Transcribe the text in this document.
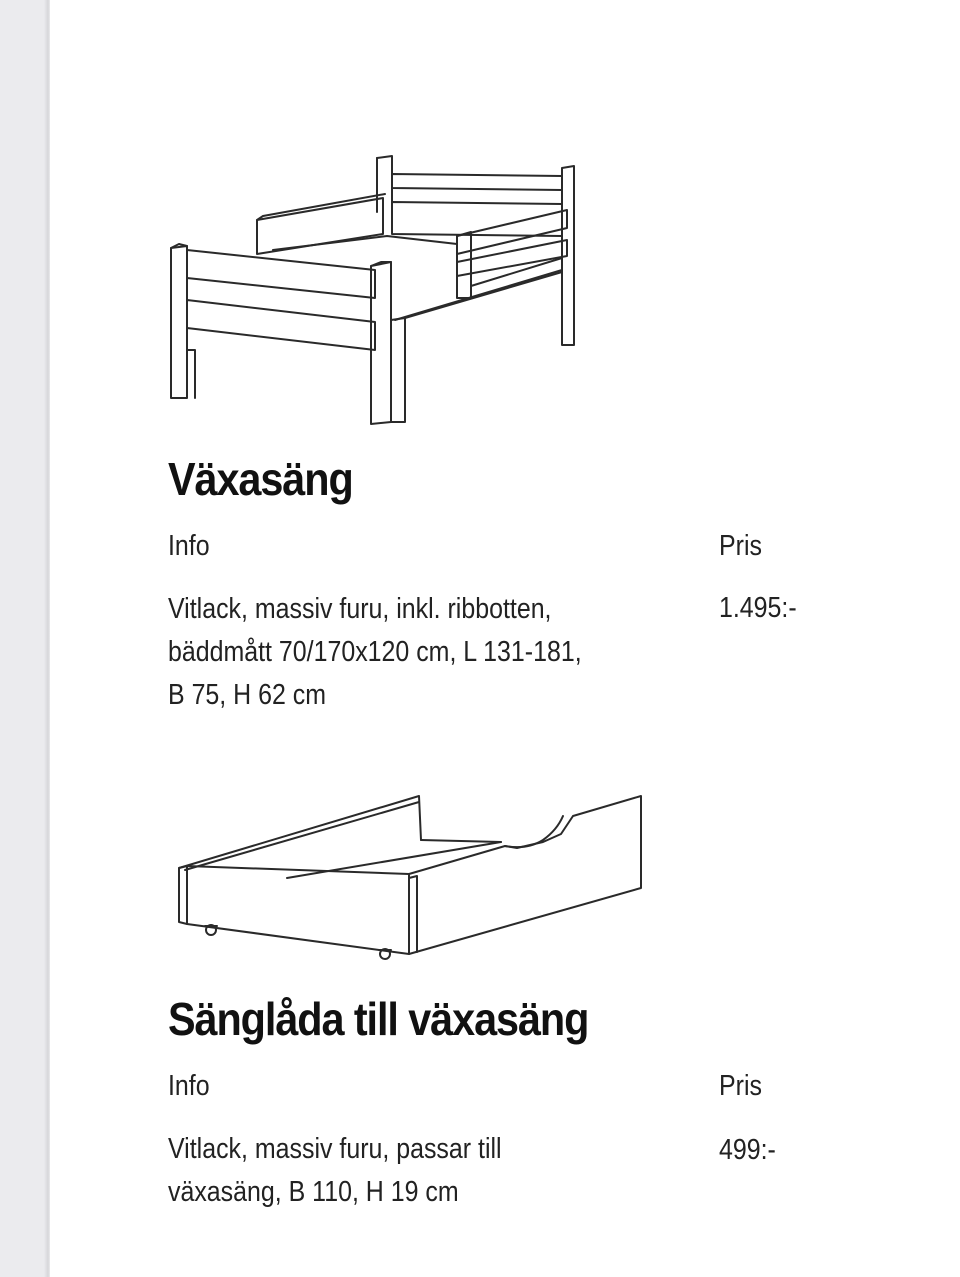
Växasäng
Info	Pris
Vitlack, massiv furu, inkl. ribbotten,
bäddmått 70/170x120 cm, L 131-181,
B 75, H 62 cm
1.495:-
Sänglåda till växasäng
Info	Pris
Vitlack, massiv furu, passar till
växasäng, B 110, H 19 cm
499:-
